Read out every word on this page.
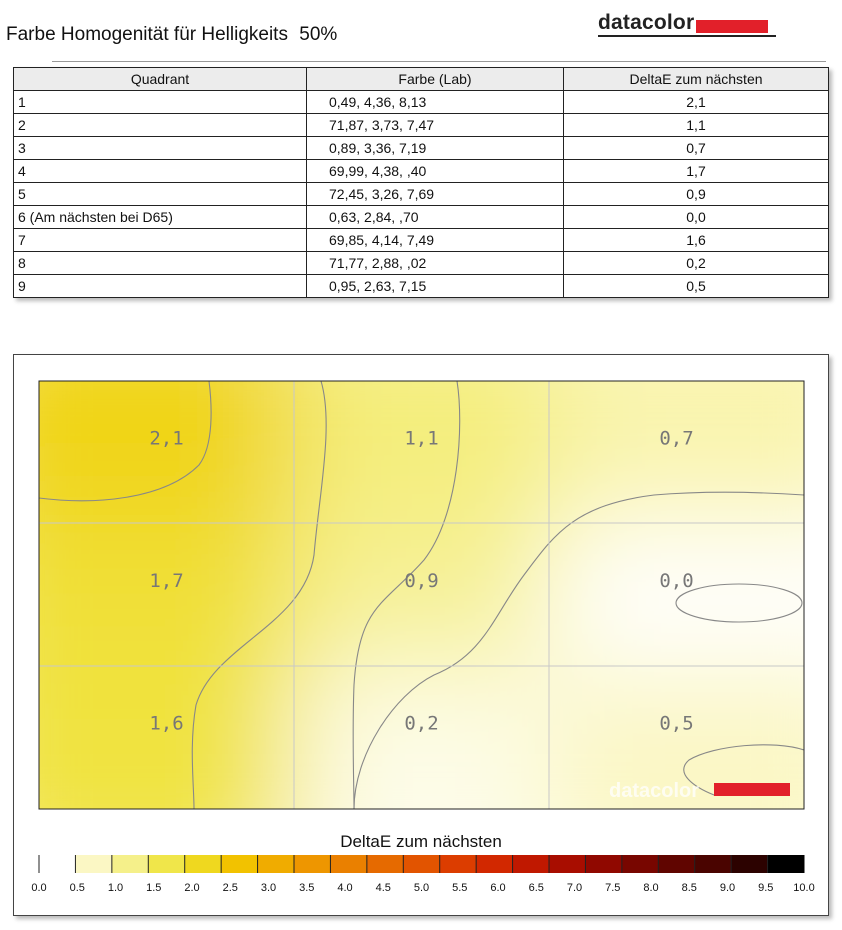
Farbe Homogenität für Helligkeits 50%
datacolor
Quadrant	Farbe (Lab)	DeltaE zum nächsten
1	0,49, 4,36, 8,13	2,1
2	71,87, 3,73, 7,47	1,1
3	0,89, 3,36, 7,19	0,7
4	69,99, 4,38, ,40	1,7
5	72,45, 3,26, 7,69	0,9
6 (Am nächsten bei D65)	0,63, 2,84, ,70	0,0
7	69,85, 4,14, 7,49	1,6
8	71,77, 2,88, ,02	0,2
9	0,95, 2,63, 7,15	0,5
2,1	1,1	0,7
1,7	0,9	0,0
1,6	0,2	0,5
datacolor
0.0 0.5 1.0 1.5 2.0 2.5 3.0 3.5 4.0 4.5 5.0 5.5 6.0 6.5 7.0 7.5 8.0 8.5 9.0 9.5 10.0
DeltaE zum nächsten
